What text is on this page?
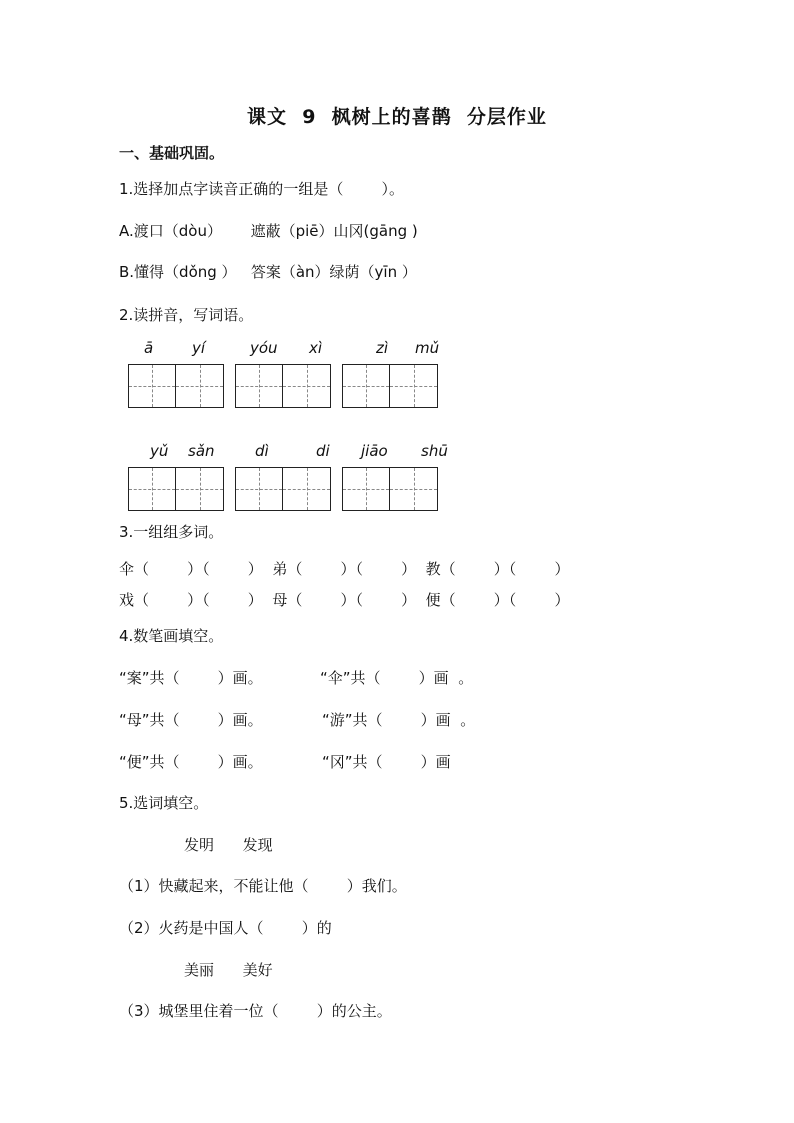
课文  9  枫树上的喜鹊  分层作业
一、基础巩固。
1.选择加点字读音正确的一组是（        ）。
A.渡口（dòu）      遮蔽（piē）山冈(gāng )
B.懂得（dǒng ）   答案（àn）绿荫（yīn ）
2.读拼音，写词语。
ā	yí	yóu xì	zì mǔ
yǔ sǎn	dì	di jiāo shū
3.一组组多词。
伞（        ）（        ）  弟（        ）（        ）  教（        ）（        ）
戏（        ）（        ）  母（        ）（        ）  便（        ）（        ）
4.数笔画填空。
“案”共（        ）画。	“伞”共（        ）画  。
“母”共（        ）画。	“游”共（        ）画  。
“便”共（        ）画。	“冈”共（        ）画
5.选词填空。
发明      发现
（1）快藏起来，不能让他（        ）我们。
（2）火药是中国人（        ）的
美丽      美好
（3）城堡里住着一位（        ）的公主。
